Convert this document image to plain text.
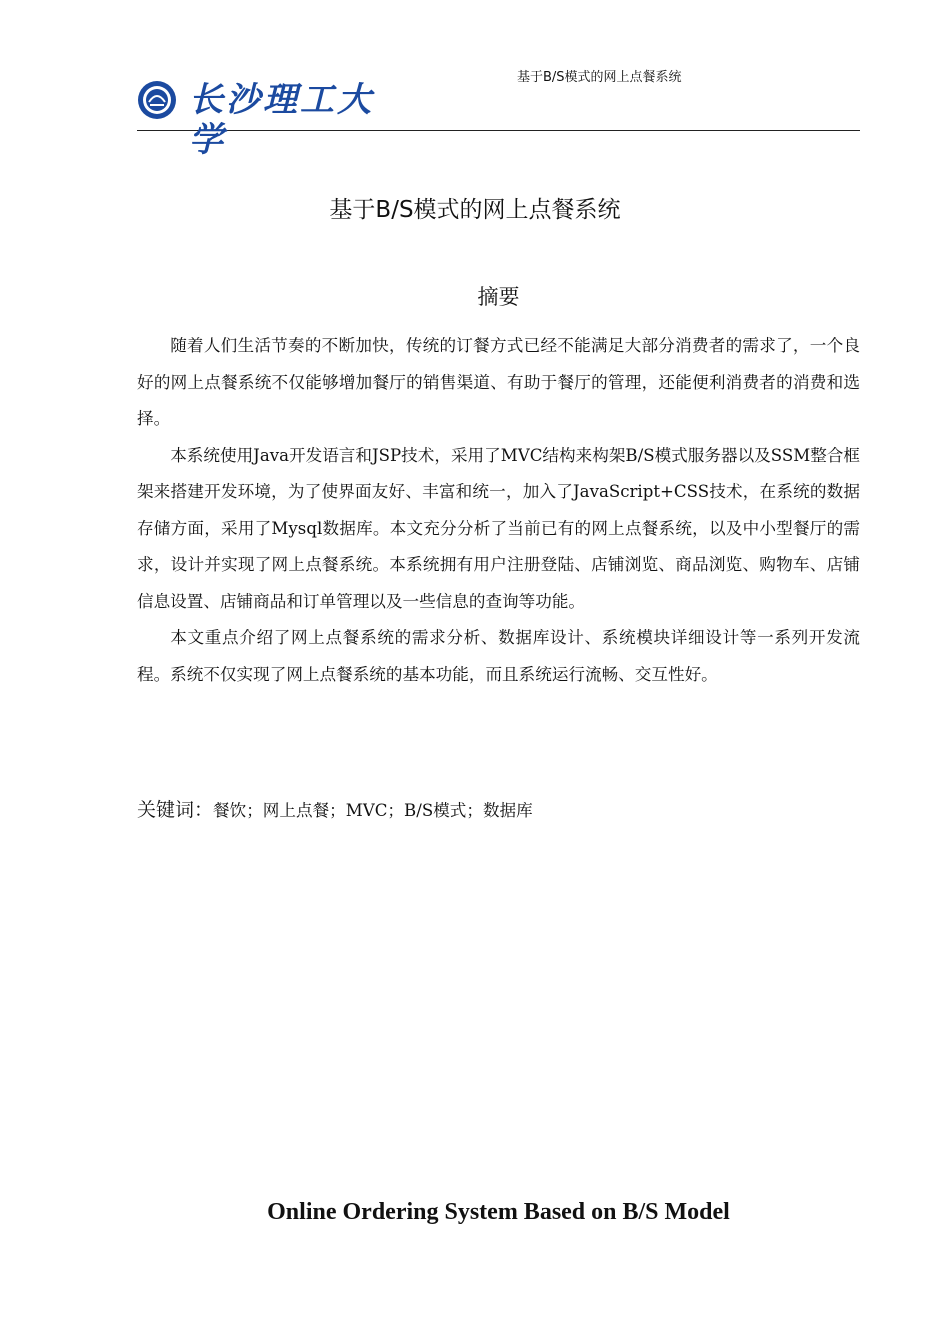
长沙理工大学
基于B/S模式的网上点餐系统
基于B/S模式的网上点餐系统
摘要

随着人们生活节奏的不断加快，传统的订餐方式已经不能满足大部分消费者的需求了，一个良好的网上点餐系统不仅能够增加餐厅的销售渠道、有助于餐厅的管理，还能便利消费者的消费和选择。

本系统使用Java开发语言和JSP技术，采用了MVC结构来构架B/S模式服务器以及SSM整合框架来搭建开发环境，为了使界面友好、丰富和统一，加入了JavaScript+CSS技术，在系统的数据存储方面，采用了Mysql数据库。本文充分分析了当前已有的网上点餐系统，以及中小型餐厅的需求，设计并实现了网上点餐系统。本系统拥有用户注册登陆、店铺浏览、商品浏览、购物车、店铺信息设置、店铺商品和订单管理以及一些信息的查询等功能。

本文重点介绍了网上点餐系统的需求分析、数据库设计、系统模块详细设计等一系列开发流程。系统不仅实现了网上点餐系统的基本功能，而且系统运行流畅、交互性好。

关键词：餐饮；网上点餐；MVC；B/S模式；数据库
Online Ordering System Based on B/S Model
